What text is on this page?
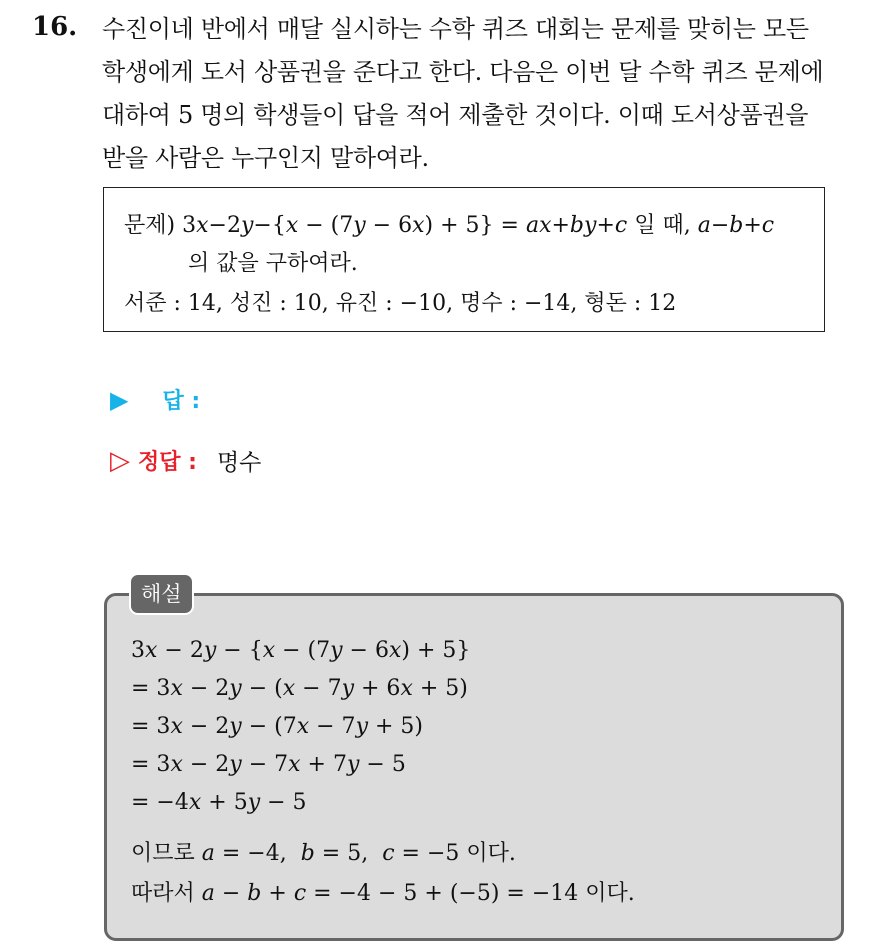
16. 수진이네 반에서 매달 실시하는 수학 퀴즈 대회는 문제를 맞히는 모든
학생에게 도서 상품권을 준다고 한다. 다음은 이번 달 수학 퀴즈 문제에
대하여 5 명의 학생들이 답을 적어 제출한 것이다. 이때 도서상품권을
받을 사람은 누구인지 말하여라.
문제) 3x−2y−{x − (7y − 6x) + 5} = ax+by+c 일 때, a−b+c
의 값을 구하여라.
서준 : 14, 성진 : 10, 유진 : −10, 명수 : −14, 형돈 : 12
▶ 답 :
▷ 정답 : 명수
3x − 2y − {x − (7y − 6x) + 5}
= 3x − 2y − (x − 7y + 6x + 5)
= 3x − 2y − (7x − 7y + 5)
= 3x − 2y − 7x + 7y − 5
= −4x + 5y − 5
이므로 a = −4,  b = 5,  c = −5 이다.
따라서 a − b + c = −4 − 5 + (−5) = −14 이다.
해설
